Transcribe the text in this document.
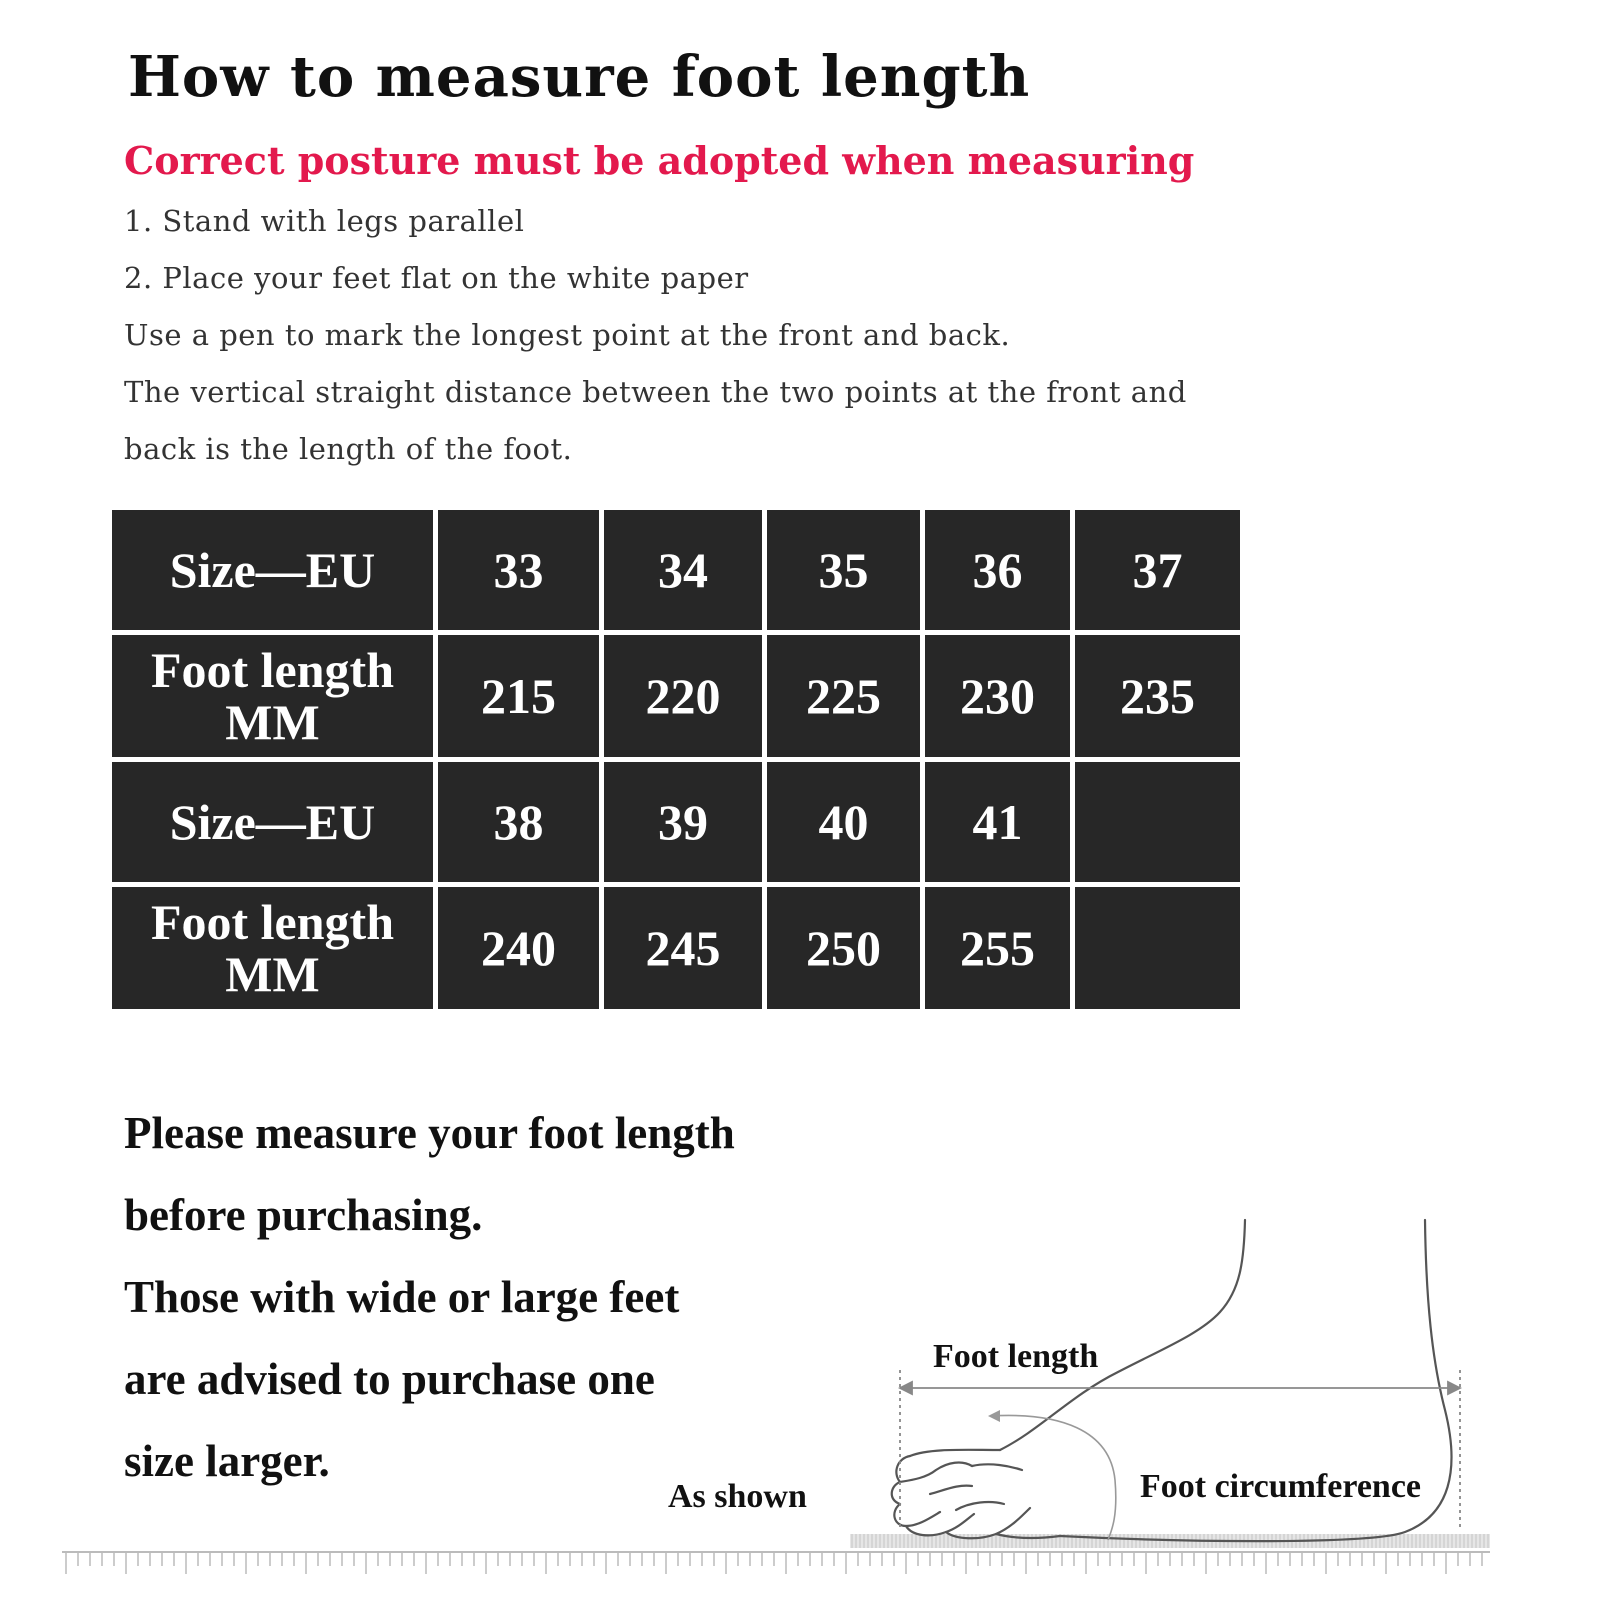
How to measure foot length
Correct posture must be adopted when measuring
1. Stand with legs parallel
2. Place your feet flat on the white paper
Use a pen to mark the longest point at the front and back.
The vertical straight distance between the two points at the front and
back is the length of the foot.
Size—EU	33	34	35	36	37

Foot length
MM	215	220	225	230	235
Size—EU	38	39	40	41	

Foot length
MM	240	245	250	255	
Please measure your foot length
before purchasing.
Those with wide or large feet
are advised to purchase one
size larger.
Foot length
Foot circumference
As shown
